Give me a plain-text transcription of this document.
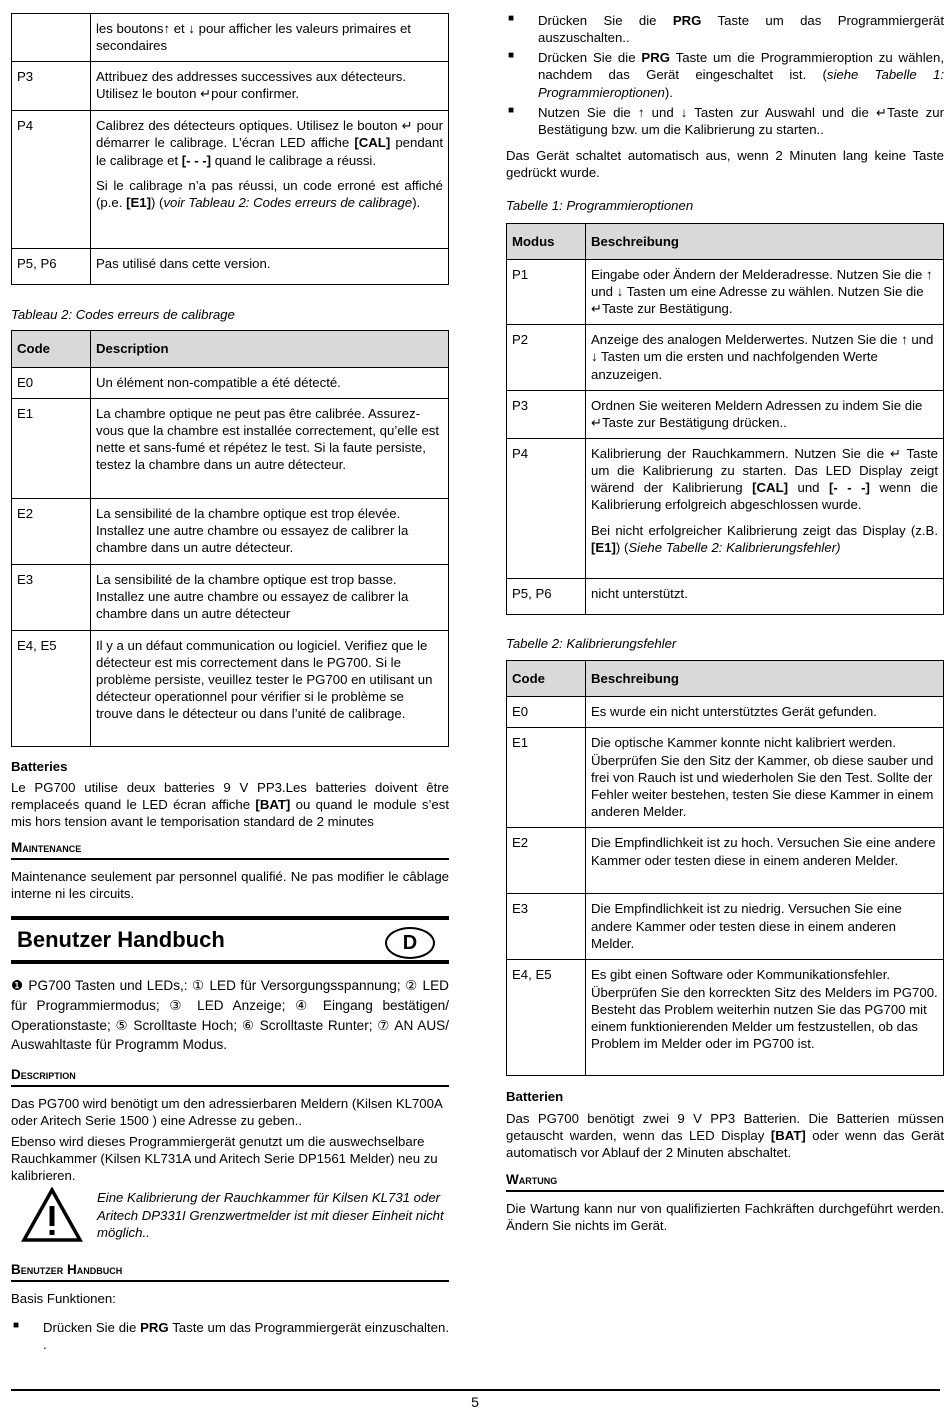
	les boutons↑ et ↓ pour afficher les valeurs primaires et secondaires
P3	Attribuez des addresses successives aux détecteurs. Utilisez le bouton ↵pour confirmer.
P4	Calibrez des détecteurs optiques. Utilisez le bouton ↵ pour démarrer le calibrage. L’écran LED affiche [CAL] pendant le calibrage et [- - -] quand le calibrage a réussi.

Si le calibrage n’a pas réussi, un code erroné est affiché (p.e. [E1]) (voir Tableau 2: Codes erreurs de calibrage).

P5, P6	Pas utilisé dans cette version.

Tableau 2: Codes erreurs de calibrage

Code	Description
E0	Un élément non-compatible a été détecté.
E1	La chambre optique ne peut pas être calibrée. Assurez-vous que la chambre est installée correctement, qu’elle est nette et sans-fumé et répétez le test. Si la faute persiste, testez la chambre dans un autre détecteur.
E2	La sensibilité de la chambre optique est trop élevée. Installez une autre chambre ou essayez de calibrer la chambre dans un autre détecteur.
E3	La sensibilité de la chambre optique est trop basse. Installez une autre chambre ou essayez de calibrer la chambre dans un autre détecteur
E4, E5	Il y a un défaut communication ou logiciel. Verifiez que le détecteur est mis correctement dans le PG700. Si le problème persiste, veuillez tester le PG700 en utilisant un détecteur operationnel pour vérifier si le problème se trouve dans le détecteur ou dans l’unité de calibrage.

Batteries

Le PG700 utilise deux batteries 9 V PP3.Les batteries doivent être remplaceés quand le LED écran affiche [BAT] ou quand le module s’est mis hors tension avant le temporisation standard de 2 minutes

Maintenance

Maintenance seulement par personnel qualifié. Ne pas modifier le câblage interne ni les circuits.

Benutzer Handbuch	D

❶ PG700 Tasten und LEDs,: ① LED für Versorgungsspannung; ② LED für Programmiermodus; ③ LED Anzeige; ④ Eingang bestätigen/ Operationstaste; ⑤ Scrolltaste Hoch; ⑥ Scrolltaste Runter; ⑦ AN AUS/ Auswahltaste für Programm Modus.

Description

Das PG700 wird benötigt um den adressierbaren Meldern (Kilsen KL700A oder Aritech Serie 1500 ) eine Adresse zu geben..

Ebenso wird dieses Programmiergerät genutzt um die auswechselbare Rauchkammer (Kilsen KL731A und Aritech Serie DP1561 Melder) neu zu kalibrieren.

Eine Kalibrierung der Rauchkammer für Kilsen KL731 oder Aritech DP331I Grenzwertmelder ist mit dieser Einheit nicht möglich..

Benutzer Handbuch

Basis Funktionen:

■ Drücken Sie die PRG Taste um das Programmiergerät einzuschalten. .
■ Drücken Sie die PRG Taste um das Programmiergerät auszuschalten..
■ Drücken Sie die PRG Taste um die Programmieroption zu wählen, nachdem das Gerät eingeschaltet ist. (siehe Tabelle 1: Programmieroptionen).
■ Nutzen Sie die ↑ und ↓ Tasten zur Auswahl und die ↵Taste zur Bestätigung bzw. um die Kalibrierung zu starten..

Das Gerät schaltet automatisch aus, wenn 2 Minuten lang keine Taste gedrückt wurde.

Tabelle 1: Programmieroptionen

Modus	Beschreibung
P1	Eingabe oder Ändern der Melderadresse. Nutzen Sie die ↑ und ↓ Tasten um eine Adresse zu wählen. Nutzen Sie die ↵Taste zur Bestätigung.
P2	Anzeige des analogen Melderwertes. Nutzen Sie die ↑ und ↓ Tasten um die ersten und nachfolgenden Werte anzuzeigen.
P3	Ordnen Sie weiteren Meldern Adressen zu indem Sie die ↵Taste zur Bestätigung drücken..
P4	Kalibrierung der Rauchkammern. Nutzen Sie die ↵ Taste um die Kalibrierung zu starten. Das LED Display zeigt wärend der Kalibrierung [CAL] und [- - -] wenn die Kalibrierung erfolgreich abgeschlossen wurde.

Bei nicht erfolgreicher Kalibrierung zeigt das Display (z.B. [E1]) (Siehe Tabelle 2: Kalibrierungsfehler)

P5, P6	nicht unterstützt.

Tabelle 2: Kalibrierungsfehler

Code	Beschreibung
E0	Es wurde ein nicht unterstütztes Gerät gefunden.
E1	Die optische Kammer konnte nicht kalibriert werden. Überprüfen Sie den Sitz der Kammer, ob diese sauber und frei von Rauch ist und wiederholen Sie den Test. Sollte der Fehler weiter bestehen, testen Sie diese Kammer in einem anderen Melder.
E2	Die Empfindlichkeit ist zu hoch. Versuchen Sie eine andere Kammer oder testen diese in einem anderen Melder.
E3	Die Empfindlichkeit ist zu niedrig. Versuchen Sie eine andere Kammer oder testen diese in einem anderen Melder.
E4, E5	Es gibt einen Software oder Kommunikationsfehler. Überprüfen Sie den korreckten Sitz des Melders im PG700. Besteht das Problem weiterhin nutzen Sie das PG700 mit einem funktionierenden Melder um festzustellen, ob das Problem im Melder oder im PG700 ist.

Batterien

Das PG700 benötigt zwei 9 V PP3 Batterien. Die Batterien müssen getauscht warden, wenn das LED Display [BAT] oder wenn das Gerät automatisch vor Ablauf der 2 Minuten abschaltet.

Wartung

Die Wartung kann nur von qualifizierten Fachkräften durchgeführt werden. Ändern Sie nichts im Gerät.

5
